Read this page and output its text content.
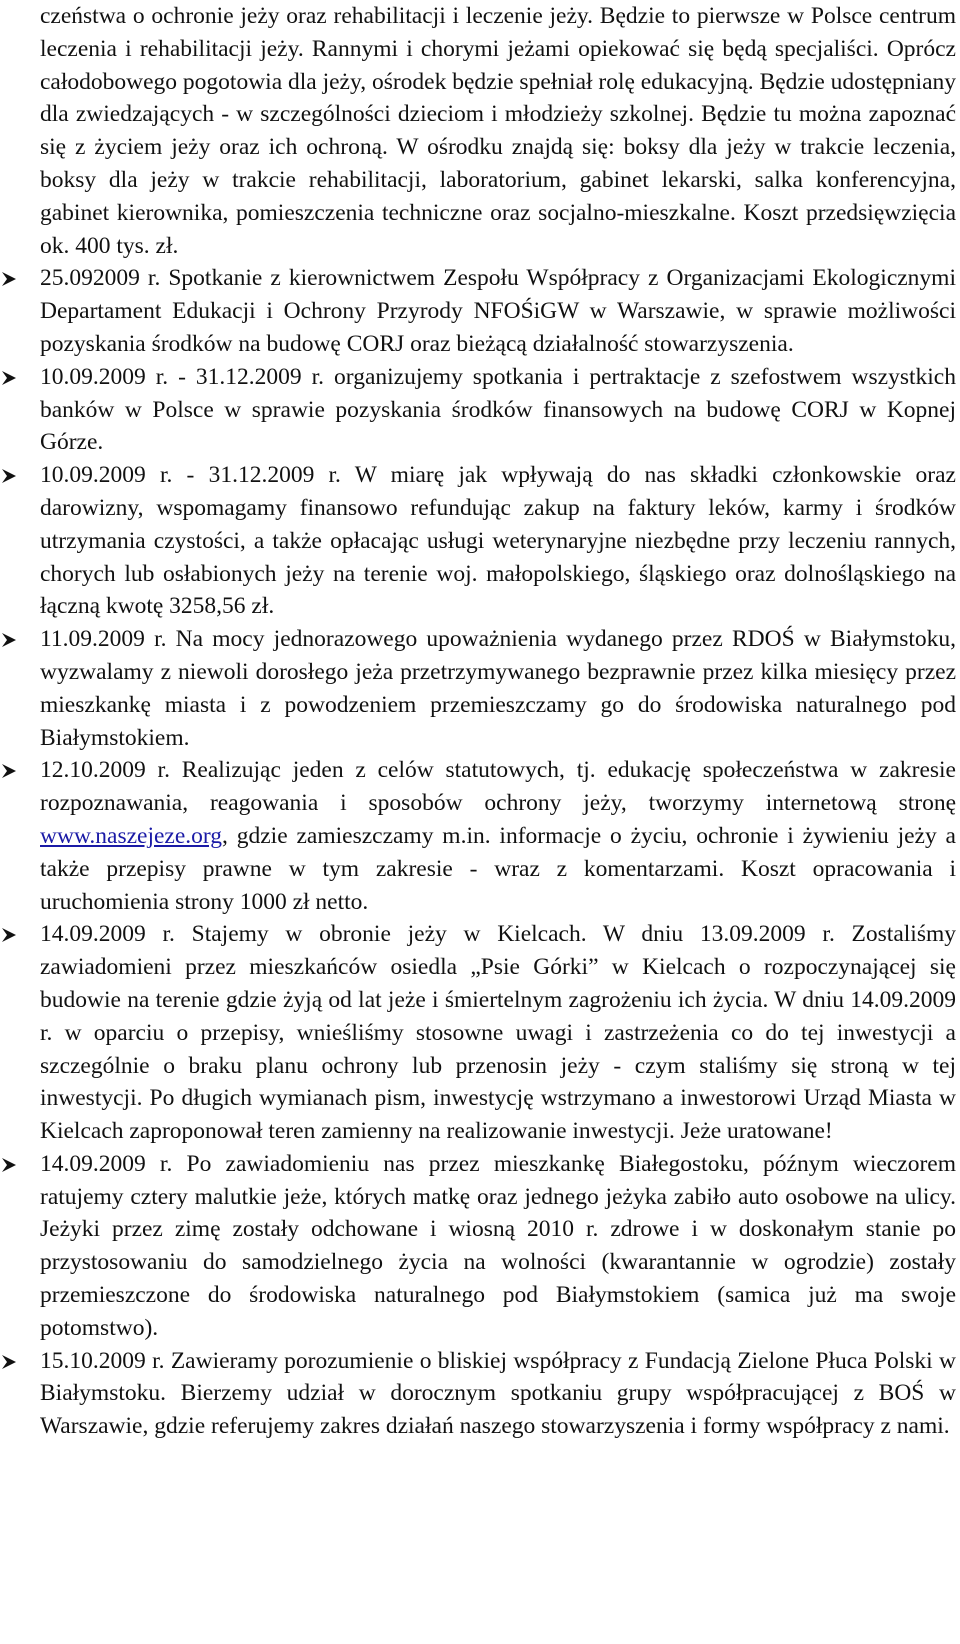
czeństwa o ochronie jeży oraz rehabilitacji i leczenie jeży. Będzie to pierwsze w Polsce centrum leczenia i rehabilitacji jeży. Rannymi i chorymi jeżami opiekować się będą specjaliści. Oprócz całodobowego pogotowia dla jeży, ośrodek będzie spełniał rolę edukacyjną. Będzie udostępniany dla zwiedzających - w szczególności dzieciom i młodzieży szkolnej. Będzie tu można zapoznać się z życiem jeży oraz ich ochroną. W ośrodku znajdą się: boksy dla jeży w trakcie leczenia, boksy dla jeży w trakcie rehabilitacji, laboratorium, gabinet lekarski, salka konferencyjna, gabinet kierownika, pomieszczenia techniczne oraz socjalno-mieszkalne. Koszt przedsięwzięcia ok. 400 tys. zł.

25.092009 r. Spotkanie z kierownictwem Zespołu Współpracy z Organizacjami Ekologicznymi Departament Edukacji i Ochrony Przyrody NFOŚiGW w Warszawie, w sprawie możliwości pozyskania środków na budowę CORJ oraz bieżącą działalność stowarzyszenia.
10.09.2009 r. - 31.12.2009 r. organizujemy spotkania i pertraktacje z szefostwem wszystkich banków w Polsce w sprawie pozyskania środków finansowych na budowę CORJ w Kopnej Górze.
10.09.2009 r. - 31.12.2009 r. W miarę jak wpływają do nas składki członkowskie oraz darowizny, wspomagamy finansowo refundując zakup na faktury leków, karmy i środków utrzymania czystości, a także opłacając usługi weterynaryjne niezbędne przy leczeniu rannych, chorych lub osłabionych jeży na terenie woj. małopolskiego, śląskiego oraz dolnośląskiego na łączną kwotę 3258,56 zł.
11.09.2009 r. Na mocy jednorazowego upoważnienia wydanego przez RDOŚ w Białymstoku, wyzwalamy z niewoli dorosłego jeża przetrzymywanego bezprawnie przez kilka miesięcy przez mieszkankę miasta i z powodzeniem przemieszczamy go do środowiska naturalnego pod Białymstokiem.
12.10.2009 r. Realizując jeden z celów statutowych, tj. edukację społeczeństwa w zakresie rozpoznawania, reagowania i sposobów ochrony jeży, tworzymy internetową stronę www.naszejeze.org, gdzie zamieszczamy m.in. informacje o życiu, ochronie i żywieniu jeży a także przepisy prawne w tym zakresie - wraz z komentarzami. Koszt opracowania i uruchomienia strony 1000 zł netto.
14.09.2009 r. Stajemy w obronie jeży w Kielcach. W dniu 13.09.2009 r. Zostaliśmy zawiadomieni przez mieszkańców osiedla „Psie Górki” w Kielcach o rozpoczynającej się budowie na terenie gdzie żyją od lat jeże i śmiertelnym zagrożeniu ich życia. W dniu 14.09.2009 r. w oparciu o przepisy, wnieśliśmy stosowne uwagi i zastrzeżenia co do tej inwestycji a szczególnie o braku planu ochrony lub przenosin jeży - czym staliśmy się stroną w tej inwestycji. Po długich wymianach pism, inwestycję wstrzymano a inwestorowi Urząd Miasta w Kielcach zaproponował teren zamienny na realizowanie inwestycji. Jeże uratowane!
14.09.2009 r. Po zawiadomieniu nas przez mieszkankę Białegostoku, późnym wieczorem ratujemy cztery malutkie jeże, których matkę oraz jednego jeżyka zabiło auto osobowe na ulicy. Jeżyki przez zimę zostały odchowane i wiosną 2010 r. zdrowe i w doskonałym stanie po przystosowaniu do samodzielnego życia na wolności (kwarantannie w ogrodzie) zostały przemieszczone do środowiska naturalnego pod Białymstokiem (samica już ma swoje potomstwo).
15.10.2009 r. Zawieramy porozumienie o bliskiej współpracy z Fundacją Zielone Płuca Polski w Białymstoku. Bierzemy udział w dorocznym spotkaniu grupy współpracującej z BOŚ w Warszawie, gdzie referujemy zakres działań naszego stowarzyszenia i formy współpracy z nami.
